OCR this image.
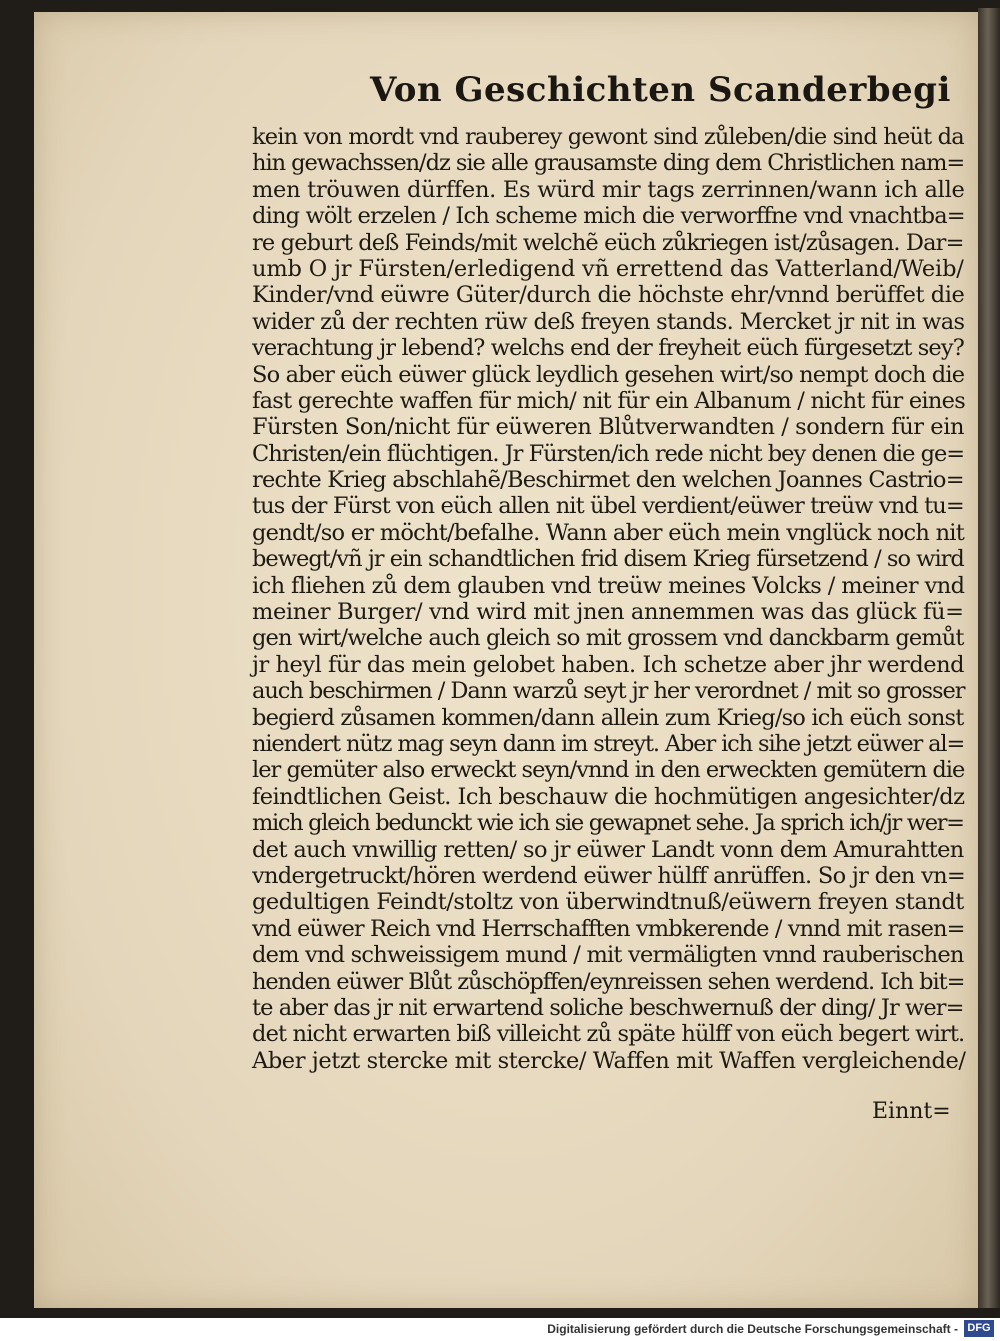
Von Geschichten Scanderbegi
kein von mordt vnd rauberey gewont sind zůleben/die sind heüt da
hin gewachssen/dz sie alle grausamste ding dem Christlichen nam=
men tröuwen dürffen. Es würd mir tags zerrinnen/wann ich alle
ding wölt erzelen / Ich scheme mich die verworffne vnd vnachtba=
re geburt deß Feinds/mit welchẽ eüch zůkriegen ist/zůsagen. Dar=
umb O jr Fürsten/erledigend vñ errettend das Vatterland/Weib/
Kinder/vnd eüwre Güter/durch die höchste ehr/vnnd berüffet die
wider zů der rechten rüw deß freyen stands. Mercket jr nit in was
verachtung jr lebend? welchs end der freyheit eüch fürgesetzt sey?
So aber eüch eüwer glück leydlich gesehen wirt/so nempt doch die
fast gerechte waffen für mich/ nit für ein Albanum / nicht für eines
Fürsten Son/nicht für eüweren Blůtverwandten / sondern für ein
Christen/ein flüchtigen. Jr Fürsten/ich rede nicht bey denen die ge=
rechte Krieg abschlahẽ/Beschirmet den welchen Joannes Castrio=
tus der Fürst von eüch allen nit übel verdient/eüwer treüw vnd tu=
gendt/so er möcht/befalhe. Wann aber eüch mein vnglück noch nit
bewegt/vñ jr ein schandtlichen frid disem Krieg fürsetzend / so wird
ich fliehen zů dem glauben vnd treüw meines Volcks / meiner vnd
meiner Burger/ vnd wird mit jnen annemmen was das glück fü=
gen wirt/welche auch gleich so mit grossem vnd danckbarm gemůt
jr heyl für das mein gelobet haben. Ich schetze aber jhr werdend
auch beschirmen / Dann warzů seyt jr her verordnet / mit so grosser
begierd zůsamen kommen/dann allein zum Krieg/so ich eüch sonst
niendert nütz mag seyn dann im streyt. Aber ich sihe jetzt eüwer al=
ler gemüter also erweckt seyn/vnnd in den erweckten gemütern die
feindtlichen Geist. Ich beschauw die hochmütigen angesichter/dz
mich gleich bedunckt wie ich sie gewapnet sehe. Ja sprich ich/jr wer=
det auch vnwillig retten/ so jr eüwer Landt vonn dem Amurahtten
vndergetruckt/hören werdend eüwer hülff anrüffen. So jr den vn=
gedultigen Feindt/stoltz von überwindtnuß/eüwern freyen standt
vnd eüwer Reich vnd Herrschafften vmbkerende / vnnd mit rasen=
dem vnd schweissigem mund / mit vermäligten vnnd rauberischen
henden eüwer Blůt zůschöpffen/eynreissen sehen werdend. Ich bit=
te aber das jr nit erwartend soliche beschwernuß der ding/ Jr wer=
det nicht erwarten biß villeicht zů späte hülff von eüch begert wirt.
Aber jetzt stercke mit stercke/ Waffen mit Waffen vergleichende/
Einnt=
Digitalisierung gefördert durch die Deutsche Forschungsgemeinschaft - DFG
